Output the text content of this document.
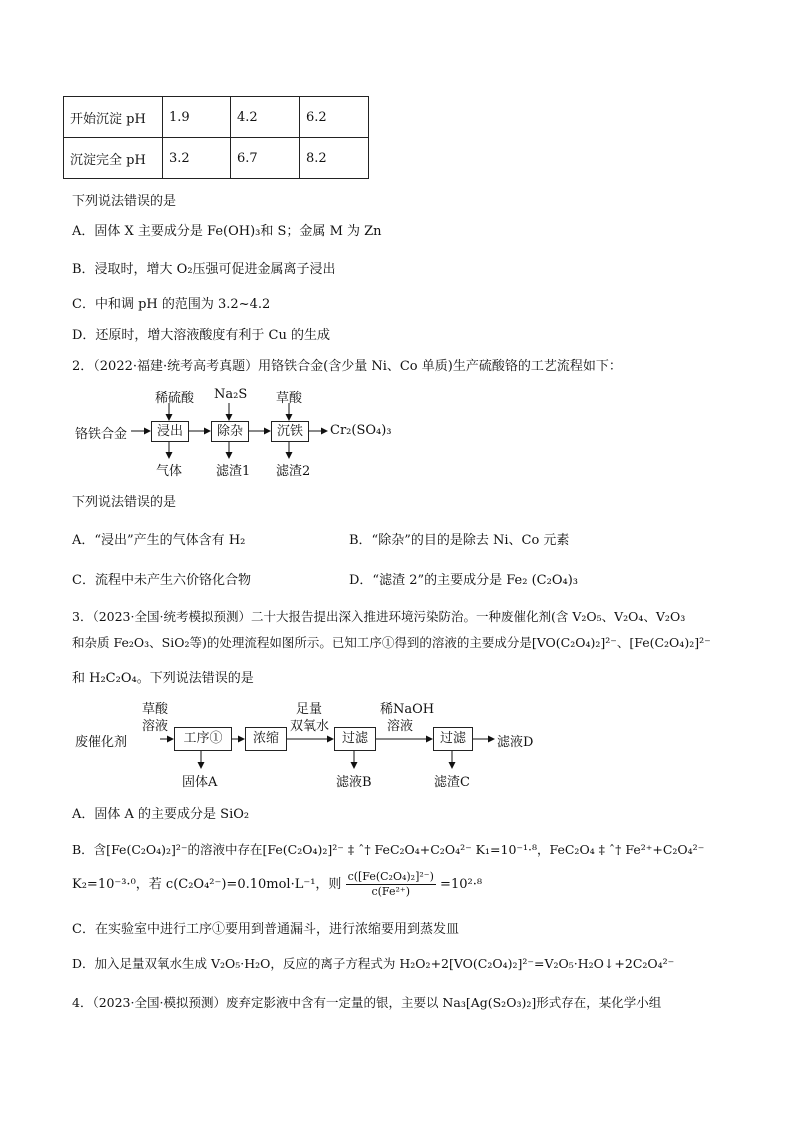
开始沉淀 pH	1.9	4.2	6.2
沉淀完全 pH	3.2	6.7	8.2
下列说法错误的是
A．固体 X 主要成分是 Fe(OH)₃和 S；金属 M 为 Zn
B．浸取时，增大 O₂压强可促进金属离子浸出
C．中和调 pH 的范围为 3.2~4.2
D．还原时，增大溶液酸度有利于 Cu 的生成
2．（2022·福建·统考高考真题）用铬铁合金(含少量 Ni、Co 单质)生产硫酸铬的工艺流程如下：
铬铁合金
稀硫酸 Na₂S 草酸
浸出	除杂	沉铁	Cr₂(SO₄)₃
气体	滤渣1 滤渣2
下列说法错误的是
A．“浸出”产生的气体含有 H₂	B．“除杂”的目的是除去 Ni、Co 元素
C．流程中未产生六价铬化合物	D．“滤渣 2”的主要成分是 Fe₂ (C₂O₄)₃
3．（2023·全国·统考模拟预测）二十大报告提出深入推进环境污染防治。一种废催化剂(含 V₂O₅、V₂O₄、V₂O₃
和杂质 Fe₂O₃、SiO₂等)的处理流程如图所示。已知工序①得到的溶液的主要成分是[VO(C₂O₄)₂]²⁻、[Fe(C₂O₄)₂]²⁻
和 H₂C₂O₄。下列说法错误的是
废催化剂
草酸
溶液
足量
双氧水
稀NaOH
溶液
工序①	浓缩	过滤	过滤	滤液D
固体A	滤液B	滤渣C
A．固体 A 的主要成分是 SiO₂
B．含[Fe(C₂O₄)₂]²⁻的溶液中存在[Fe(C₂O₄)₂]²⁻ ‡ ˆ† FeC₂O₄+C₂O₄²⁻ K₁=10⁻¹·⁸，FeC₂O₄ ‡ ˆ† Fe²⁺+C₂O₄²⁻
K₂=10⁻³·⁰，若 c(C₂O₄²⁻)=0.10mol·L⁻¹，则 $\frac{\text{c([Fe(C₂O₄)₂]²⁻)}}{\text{c(Fe²⁺)}} =10^2\cdot^8$
C．在实验室中进行工序①要用到普通漏斗，进行浓缩要用到蒸发皿
D．加入足量双氧水生成 V₂O₅·H₂O，反应的离子方程式为 H₂O₂+2[VO(C₂O₄)₂]²⁻=V₂O₅·H₂O↓+2C₂O₄²⁻
4．（2023·全国·模拟预测）废弃定影液中含有一定量的银，主要以 Na₃[Ag(S₂O₃)₂]形式存在，某化学小组
